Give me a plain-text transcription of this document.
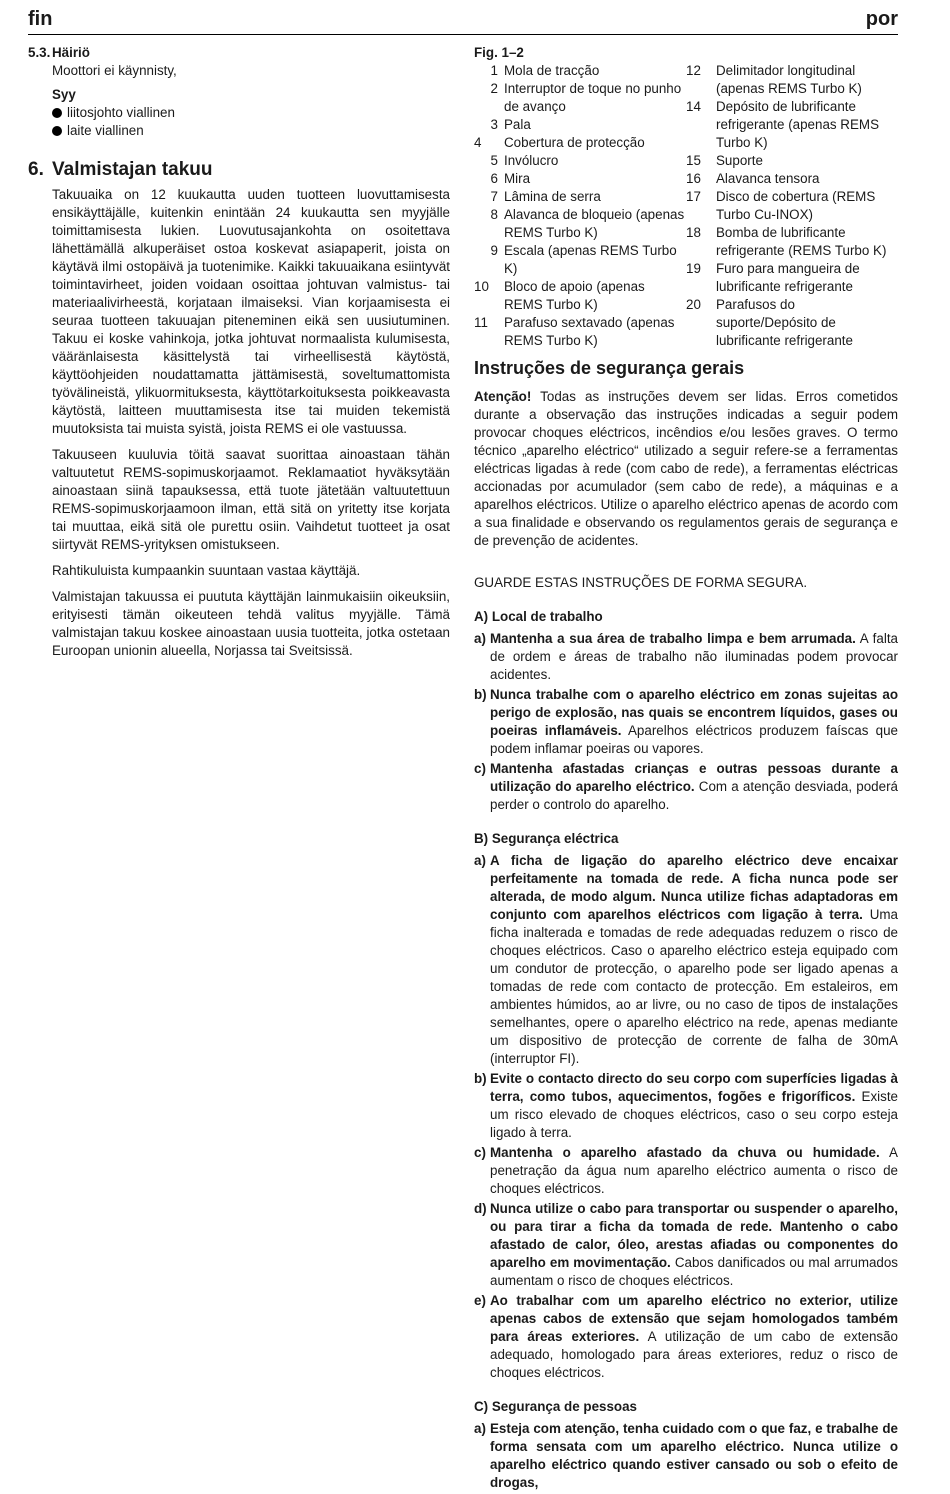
fin	por
5.3. Häiriö
Moottori ei käynnisty,
Syy
liitosjohto viallinen
laite viallinen
6. Valmistajan takuu

Takuuaika on 12 kuukautta uuden tuotteen luovuttamisesta ensikäyttäjälle, kuitenkin enintään 24 kuukautta sen myyjälle toimittamisesta lukien. Luovutusajankohta on osoitettava lähettämällä alkuperäiset ostoa koskevat asiapaperit, joista on käytävä ilmi ostopäivä ja tuotenimike. Kaikki takuuaikana esiintyvät toimintavirheet, joiden voidaan osoittaa johtuvan valmistus- tai materiaalivirheestä, korjataan ilmaiseksi. Vian korjaamisesta ei seuraa tuotteen takuuajan piteneminen eikä sen uusiutuminen. Takuu ei koske vahinkoja, jotka johtuvat normaalista kulumisesta, vääränlaisesta käsittelystä tai virheellisestä käytöstä, käyttöohjeiden noudattamatta jättämisestä, soveltumattomista työvälineistä, ylikuormituksesta, käyttötarkoituksesta poikkeavasta käytöstä, laitteen muuttamisesta itse tai muiden tekemistä muutoksista tai muista syistä, joista REMS ei ole vastuussa.

Takuuseen kuuluvia töitä saavat suorittaa ainoastaan tähän valtuutetut REMS-sopimuskorjaamot. Reklamaatiot hyväksytään ainoastaan siinä tapauksessa, että tuote jätetään valtuutettuun REMS-sopimuskorjaamoon ilman, että sitä on yritetty itse korjata tai muuttaa, eikä sitä ole purettu osiin. Vaihdetut tuotteet ja osat siirtyvät REMS-yrityksen omistukseen.

Rahtikuluista kumpaankin suuntaan vastaa käyttäjä.

Valmistajan takuussa ei puututa käyttäjän lainmukaisiin oikeuksiin, erityisesti tämän oikeuteen tehdä valitus myyjälle. Tämä valmistajan takuu koskee ainoastaan uusia tuotteita, jotka ostetaan Euroopan unionin alueella, Norjassa tai Sveitsissä.

Fig. 1–2
1 Mola de tracção
2 Interruptor de toque no punho de avanço
3 Pala
4	Cobertura de protecção
5 Invólucro
6 Mira
7 Lâmina de serra
8 Alavanca de bloqueio (apenas REMS Turbo K)
9 Escala (apenas REMS Turbo K)
10	Bloco de apoio (apenas REMS Turbo K)
11	Parafuso sextavado (apenas REMS Turbo K)
12	Delimitador longitudinal (apenas REMS Turbo K)
14	Depósito de lubrificante refrigerante (apenas REMS Turbo K)
15	Suporte
16	Alavanca tensora
17	Disco de cobertura (REMS Turbo Cu-INOX)
18	Bomba de lubrificante refrigerante (REMS Turbo K)
19	Furo para mangueira de lubrificante refrigerante
20	Parafusos do suporte/Depósito de lubrificante refrigerante
Instruções de segurança gerais

Atenção! Todas as instruções devem ser lidas. Erros cometidos durante a observação das instruções indicadas a seguir podem provocar choques eléctricos, incêndios e/ou lesões graves. O termo técnico „aparelho eléctrico“ utilizado a seguir refere-se a ferramentas eléctricas ligadas à rede (com cabo de rede), a ferramentas eléctricas accionadas por acumulador (sem cabo de rede), a máquinas e a aparelhos eléctricos. Utilize o aparelho eléctrico apenas de acordo com a sua finalidade e observando os regulamentos gerais de segurança e de prevenção de acidentes.

GUARDE ESTAS INSTRUÇÕES DE FORMA SEGURA.

A) Local de trabalho
a) Mantenha a sua área de trabalho limpa e bem arrumada. A falta de ordem e áreas de trabalho não iluminadas podem provocar acidentes.
b) Nunca trabalhe com o aparelho eléctrico em zonas sujeitas ao perigo de explosão, nas quais se encontrem líquidos, gases ou poeiras inflamáveis. Aparelhos eléctricos produzem faíscas que podem inflamar poeiras ou vapores.
c) Mantenha afastadas crianças e outras pessoas durante a utilização do aparelho eléctrico. Com a atenção desviada, poderá perder o controlo do aparelho.
B) Segurança eléctrica
a) A ficha de ligação do aparelho eléctrico deve encaixar perfeitamente na tomada de rede. A ficha nunca pode ser alterada, de modo algum. Nunca utilize fichas adaptadoras em conjunto com aparelhos eléctricos com ligação à terra. Uma ficha inalterada e tomadas de rede adequadas reduzem o risco de choques eléctricos. Caso o aparelho eléctrico esteja equipado com um condutor de protecção, o aparelho pode ser ligado apenas a tomadas de rede com contacto de protecção. Em estaleiros, em ambientes húmidos, ao ar livre, ou no caso de tipos de instalações semelhantes, opere o aparelho eléctrico na rede, apenas mediante um dispositivo de protecção de corrente de falha de 30mA (interruptor FI).
b) Evite o contacto directo do seu corpo com superfícies ligadas à terra, como tubos, aquecimentos, fogões e frigoríficos. Existe um risco elevado de choques eléctricos, caso o seu corpo esteja ligado à terra.
c) Mantenha o aparelho afastado da chuva ou humidade. A penetração da água num aparelho eléctrico aumenta o risco de choques eléctricos.
d) Nunca utilize o cabo para transportar ou suspender o aparelho, ou para tirar a ficha da tomada de rede. Mantenho o cabo afastado de calor, óleo, arestas afiadas ou componentes do aparelho em movimentação. Cabos danificados ou mal arrumados aumentam o risco de choques eléctricos.
e) Ao trabalhar com um aparelho eléctrico no exterior, utilize apenas cabos de extensão que sejam homologados também para áreas exteriores. A utilização de um cabo de extensão adequado, homologado para áreas exteriores, reduz o risco de choques eléctricos.
C) Segurança de pessoas
a) Esteja com atenção, tenha cuidado com o que faz, e trabalhe de forma sensata com um aparelho eléctrico. Nunca utilize o aparelho eléctrico quando estiver cansado ou sob o efeito de drogas,
